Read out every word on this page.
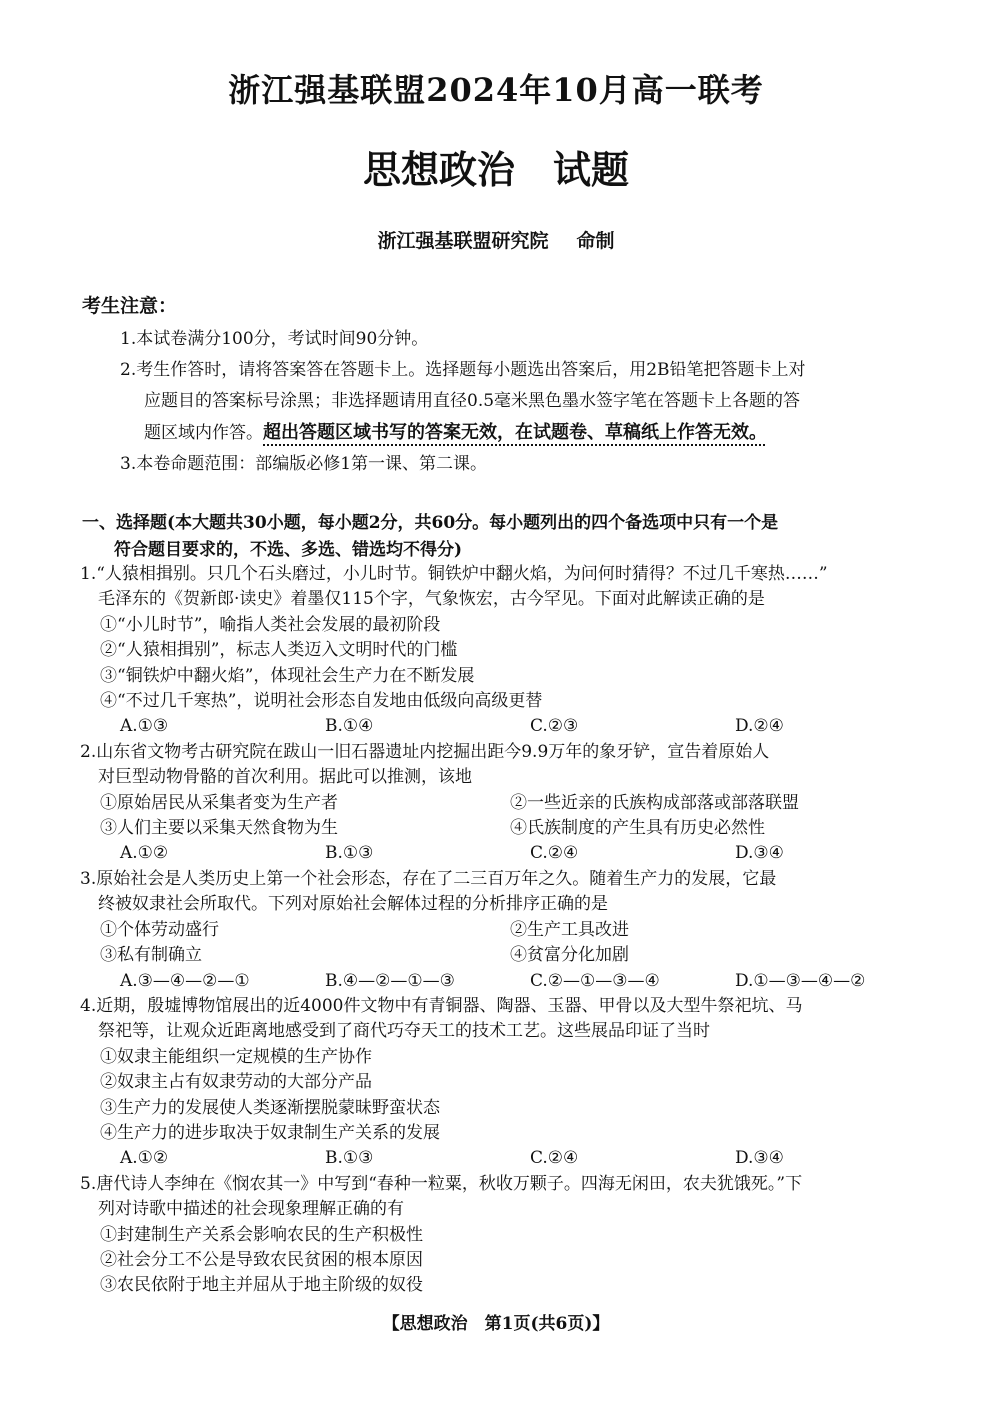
浙江强基联盟2024年10月高一联考
思想政治 试题
浙江强基联盟研究院 命制
考生注意：
1.本试卷满分100分，考试时间90分钟。
2.考生作答时，请将答案答在答题卡上。选择题每小题选出答案后，用2B铅笔把答题卡上对
应题目的答案标号涂黑；非选择题请用直径0.5毫米黑色墨水签字笔在答题卡上各题的答
题区域内作答。超出答题区域书写的答案无效，在试题卷、草稿纸上作答无效。
3.本卷命题范围：部编版必修1第一课、第二课。
一、选择题(本大题共30小题，每小题2分，共60分。每小题列出的四个备选项中只有一个是
符合题目要求的，不选、多选、错选均不得分)
1.“人猿相揖别。只几个石头磨过，小儿时节。铜铁炉中翻火焰，为问何时猜得？不过几千寒热……”
毛泽东的《贺新郎·读史》着墨仅115个字，气象恢宏，古今罕见。下面对此解读正确的是
①“小儿时节”，喻指人类社会发展的最初阶段
②“人猿相揖别”，标志人类迈入文明时代的门槛
③“铜铁炉中翻火焰”，体现社会生产力在不断发展
④“不过几千寒热”，说明社会形态自发地由低级向高级更替
A.①③	B.①④	C.②③	D.②④
2.山东省文物考古研究院在跋山一旧石器遗址内挖掘出距今9.9万年的象牙铲，宣告着原始人
对巨型动物骨骼的首次利用。据此可以推测，该地
①原始居民从采集者变为生产者	②一些近亲的氏族构成部落或部落联盟
③人们主要以采集天然食物为生	④氏族制度的产生具有历史必然性
A.①②	B.①③	C.②④	D.③④
3.原始社会是人类历史上第一个社会形态，存在了二三百万年之久。随着生产力的发展，它最
终被奴隶社会所取代。下列对原始社会解体过程的分析排序正确的是
①个体劳动盛行	②生产工具改进
③私有制确立	④贫富分化加剧
A.③—④—②—①	B.④—②—①—③	C.②—①—③—④	D.①—③—④—②
4.近期，殷墟博物馆展出的近4000件文物中有青铜器、陶器、玉器、甲骨以及大型牛祭祀坑、马
祭祀等，让观众近距离地感受到了商代巧夺天工的技术工艺。这些展品印证了当时
①奴隶主能组织一定规模的生产协作
②奴隶主占有奴隶劳动的大部分产品
③生产力的发展使人类逐渐摆脱蒙昧野蛮状态
④生产力的进步取决于奴隶制生产关系的发展
A.①②	B.①③	C.②④	D.③④
5.唐代诗人李绅在《悯农其一》中写到“春种一粒粟，秋收万颗子。四海无闲田，农夫犹饿死。”下
列对诗歌中描述的社会现象理解正确的有
①封建制生产关系会影响农民的生产积极性
②社会分工不公是导致农民贫困的根本原因
③农民依附于地主并屈从于地主阶级的奴役
【思想政治　第1页(共6页)】
